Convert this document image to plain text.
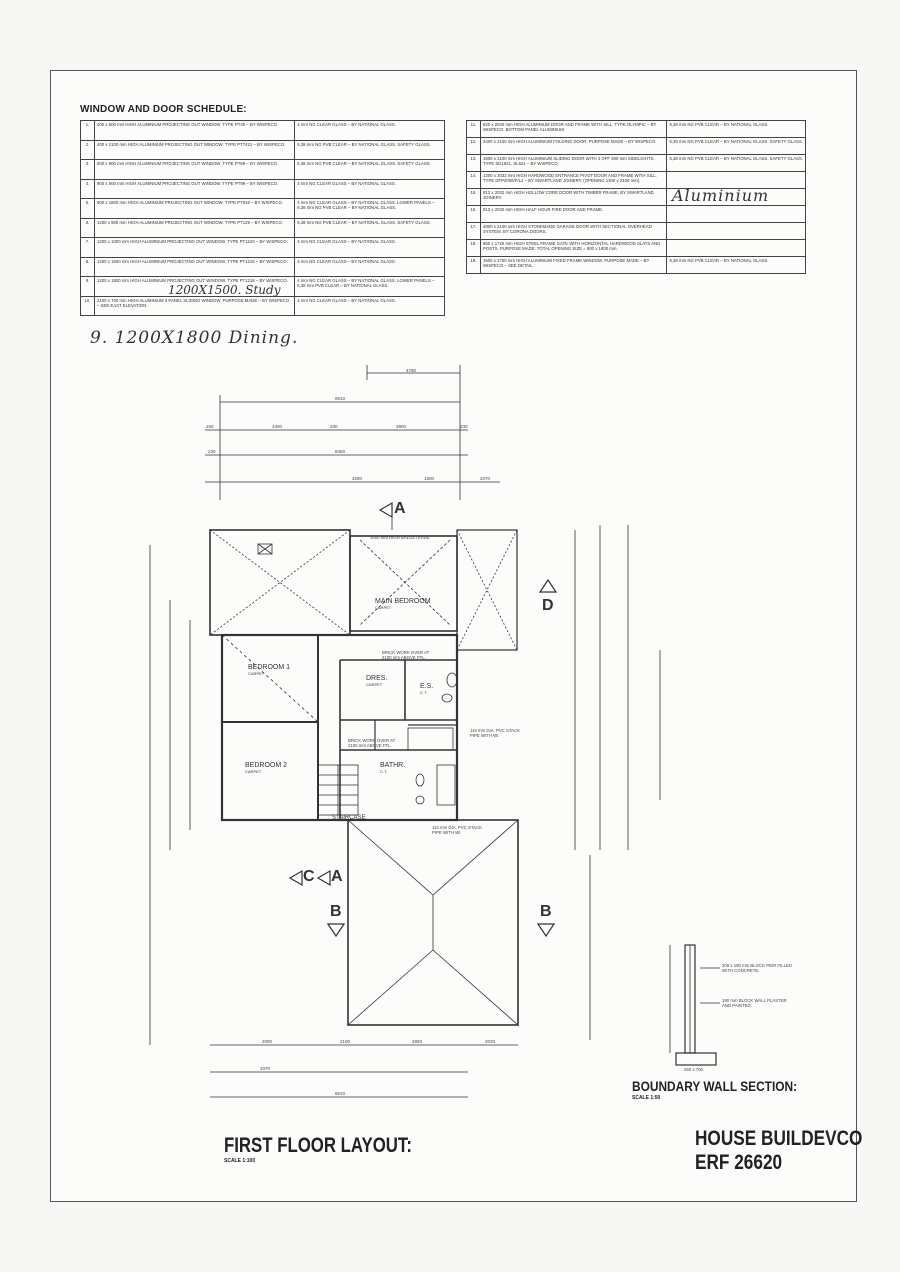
WINDOW AND DOOR SCHEDULE:
1.	400 x 800 mm HIGH ALUMINIUM PROJECTING OUT WINDOW. TYPE PT45 – BY WISPECO.	4 mm NG CLEAR GLASS – BY NATIONAL GLASS.
2.	400 x 2100 mm HIGH ALUMINIUM PROJECTING OUT WINDOW. TYPE PT7421 – BY WISPECO.	6,38 mm NG PVB CLEAR – BY NATIONAL GLASS. SAFETY GLASS.
3.	500 x 900 mm HIGH ALUMINIUM PROJECTING OUT WINDOW. TYPE PT69 – BY WISPECO.	6,38 mm NG PVB CLEAR – BY NATIONAL GLASS. SAFETY GLASS.
4.	900 x 900 mm HIGH ALUMINIUM PROJECTING OUT WINDOW. TYPE PT99 – BY WISPECO.	4 mm NG CLEAR GLASS – BY NATIONAL GLASS.
5.	900 x 1800 mm HIGH ALUMINIUM PROJECTING OUT WINDOW. TYPE PT918 – BY WISPECO.	4 mm NG CLEAR GLASS – BY NATIONAL GLASS. LOWER PANELS – 6,38 mm NG PVB CLEAR – BY NATIONAL GLASS.
6.	1200 x 900 mm HIGH ALUMINIUM PROJECTING OUT WINDOW. TYPE PT129 – BY WISPECO.	6,38 mm NG PVB CLEAR – BY NATIONAL GLASS. SAFETY GLASS.
7.	1200 x 1000 mm HIGH ALUMINIUM PROJECTING OUT WINDOW. TYPE PT1210 – BY WISPECO.	4 mm NG CLEAR GLASS – BY NATIONAL GLASS.
8.	1200 x 1500 mm HIGH ALUMINIUM PROJECTING OUT WINDOW. TYPE PT1215 – BY WISPECO.	4 mm NG CLEAR GLASS – BY NATIONAL GLASS.
9.	1200 x 1800 mm HIGH ALUMINIUM PROJECTING OUT WINDOW. TYPE PT1218 – BY WISPECO.	4 mm NG CLEAR GLASS – BY NATIONAL GLASS. LOWER PANELS – 6,38 mm PVB CLEAR – BY NATIONAL GLASS.
10.	2100 x 700 mm HIGH ALUMINIUM 3 PANEL SLIDING WINDOW. PURPOSE MADE – BY WISPECO – SEE EAST ELEVATION.	4 mm NG CLEAR GLASS – BY NATIONAL GLASS.
11.	820 x 2040 mm HIGH ALUMINIUM DOOR AND FRAME WITH SILL. TYPE OLYMPIC – BY WISPECO. BOTTOM PANEL ALUMINIUM.	6,38 mm NG PVB CLEAR – BY NATIONAL GLASS.
12.	2400 x 2100 mm HIGH ALUMINIUM FOLDING DOOR. PURPOSE MADE – BY WISPECO.	6,38 mm NG PVB CLEAR – BY NATIONAL GLASS. SAFETY GLASS.
13.	1800 x 2100 mm HIGH ALUMINIUM SLIDING DOOR WITH 2 OFF 400 mm SIDELIGHTS. TYPE SD1821, SL621 – BY WISPECO.	6,38 mm NG PVB CLEAR – BY NATIONAL GLASS. SAFETY GLASS.
14.	1200 x 2032 mm HIGH HARDWOOD ENTRANCE PIVOT DOOR AND FRAME WITH SILL. TYPE DFP2008/F/L2 – BY SWARTLAND JOINERY. (OPENING 1300 x 2100 mm).	
15.	813 x 2032 mm HIGH HOLLOW CORE DOOR WITH TIMBER FRAME. BY SWARTLAND JOINERY.	
16.	813 x 2032 mm HIGH HALF HOUR FIRE DOOR AND FRAME.	
17.	4800 x 2100 mm HIGH STONEMADE GARAGE DOOR WITH SECTIONAL OVERHEAD SYSTEM. BY CORONA DOORS.	
18.	850 x 1725 mm HIGH STEEL FRAME GATE WITH HORIZONTAL HARDWOOD SLATS AND POSTS. PURPOSE MADE. TOTAL OPENING SIZE = 900 x 1800 mm.	
19.	1500 x 2750 mm HIGH ALUMINIUM FIXED FRAME WINDOW. PURPOSE MADE – BY WISPECO – SEE DETAIL.	6,38 mm NG PVB CLEAR – BY NATIONAL GLASS.
9. 1200X1800 Dining.
1200X1500. Study
Aluminium
MAIN BEDROOM
CARPET
BEDROOM 1
CARPET
BEDROOM 2
CARPET
DRES.
CARPET	E.S.
C.T.
BATHR.
C.T.
STAIRCASE
1000 mm HIGH BALUSTRADE
BRICK WORK OVER AT 2100 mm ABOVE FFL.
BRICK WORK OVER AT 2100 mm ABOVE FFL.
110 mm DIA. PVC STACK PIPE WITH WI
110 mm DIA. PVC STACK PIPE WITH WI
200 x 190 mm BLOCK PIER FILLED WITH CONCRETE.
190 mm BLOCK WALL PLASTER AND PAINTED.
250 x 700
4760
8610
150	4400	230	3900	230
8450
230
3280	1600	2070
2090	2100	2950	2020
3370
8610
A
D
C A
B	B
FIRST FLOOR LAYOUT:
SCALE 1:100
BOUNDARY WALL SECTION:
SCALE 1:50
HOUSE BUILDEVCO
ERF 26620
